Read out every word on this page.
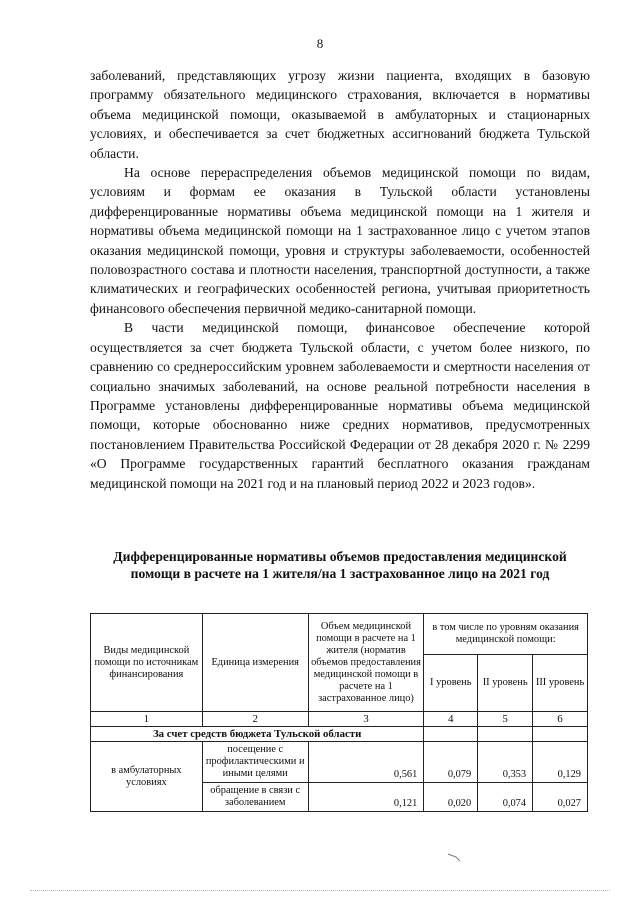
8

заболеваний, представляющих угрозу жизни пациента, входящих в базовую программу обязательного медицинского страхования, включается в нормативы объема медицинской помощи, оказываемой в амбулаторных и стационарных условиях, и обеспечивается за счет бюджетных ассигнований бюджета Тульской области.

На основе перераспределения объемов медицинской помощи по видам, условиям и формам ее оказания в Тульской области установлены дифференцированные нормативы объема медицинской помощи на 1 жителя и нормативы объема медицинской помощи на 1 застрахованное лицо с учетом этапов оказания медицинской помощи, уровня и структуры заболеваемости, особенностей половозрастного состава и плотности населения, транспортной доступности, а также климатических и географических особенностей региона, учитывая приоритетность финансового обеспечения первичной медико-санитарной помощи.

В части медицинской помощи, финансовое обеспечение которой осуществляется за счет бюджета Тульской области, с учетом более низкого, по сравнению со среднероссийским уровнем заболеваемости и смертности населения от социально значимых заболеваний, на основе реальной потребности населения в Программе установлены дифференцированные нормативы объема медицинской помощи, которые обоснованно ниже средних нормативов, предусмотренных постановлением Правительства Российской Федерации от 28 декабря 2020 г. № 2299 «О Программе государственных гарантий бесплатного оказания гражданам медицинской помощи на 2021 год и на плановый период 2022 и 2023 годов».

Дифференцированные нормативы объемов предоставления медицинской помощи в расчете на 1 жителя/на 1 застрахованное лицо на 2021 год
Виды медицинской помощи по источникам финансирования	Единица измерения	Объем медицинской помощи в расчете на 1 жителя (норматив объемов предоставления медицинской помощи в расчете на 1 застрахованное лицо)	в том числе по уровням оказания медицинской помощи:		
			I уровень	II уровень	III уровень
1	2	3	4	5	6
За счет средств бюджета Тульской области					
в амбулаторных условиях	посещение с профилактическими и иными целями	0,561	0,079	0,353	0,129
	обращение в связи с заболеванием	0,121	0,020	0,074	0,027
